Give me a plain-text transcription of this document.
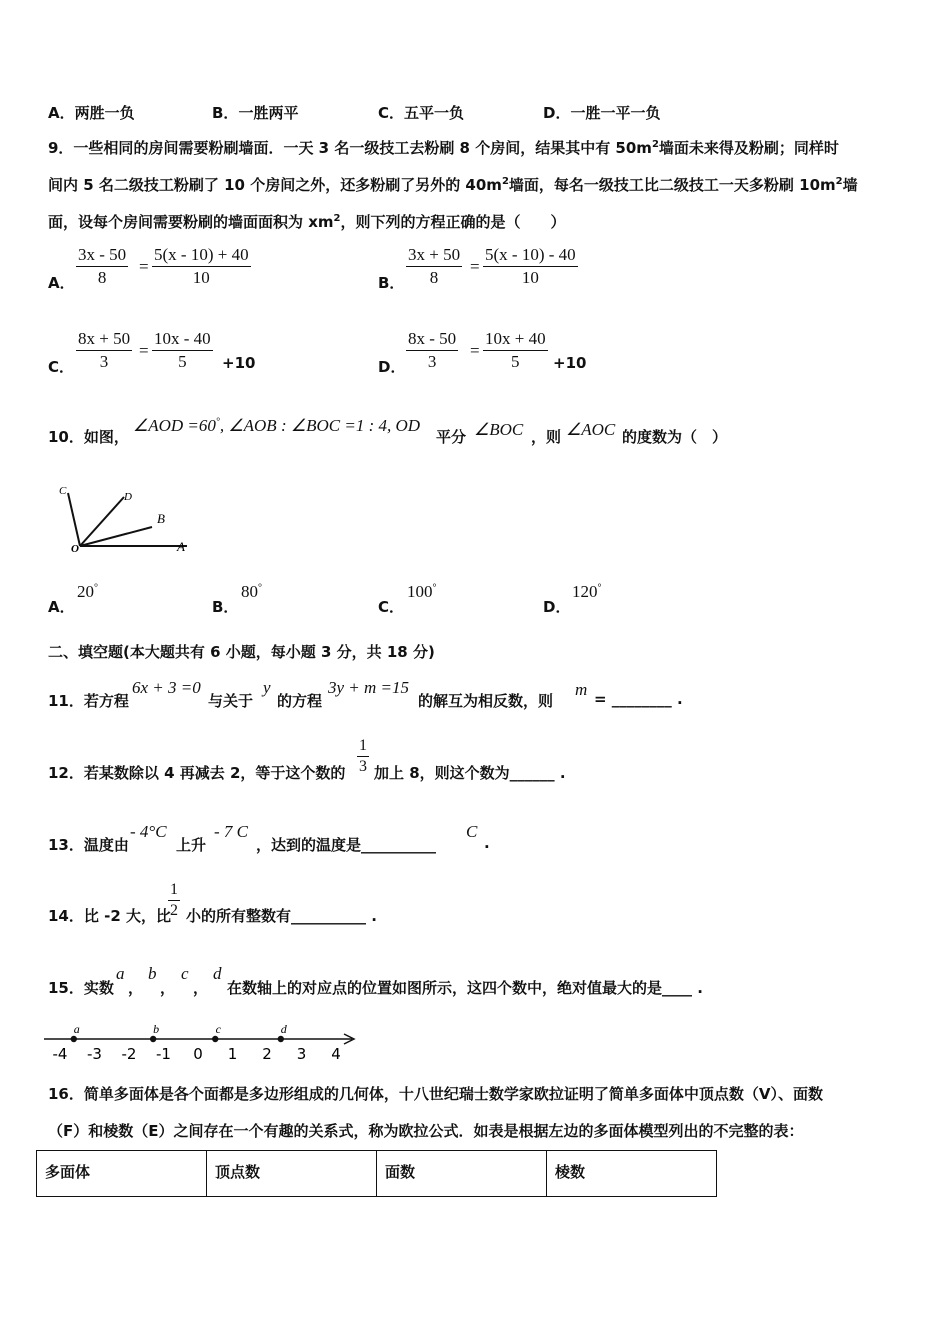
A．两胜一负	B．一胜两平	C．五平一负	D．一胜一平一负
9．一些相同的房间需要粉刷墙面．一天 3 名一级技工去粉刷 8 个房间，结果其中有 $50m^2$墙面未来得及粉刷；同样时
间内 5 名二级技工粉刷了 10 个房间之外，还多粉刷了另外的 $40m^2$墙面，每名一级技工比二级技工一天多粉刷 $10m^2$墙
面，设每个房间需要粉刷的墙面面积为 $xm^2$，则下列的方程正确的是（　　）
A． $\frac{3x - 50}{8} = \frac{5(x - 10) + 40}{10}$	B． $\frac{3x + 50}{8} = \frac{5(x - 10) - 40}{10}$
C． $\frac{8x + 50}{3} = \frac{10x - 40}{5} +10$	D． $\frac{8x - 50}{3} = \frac{10x + 40}{5} +10$
10．如图，
∠AOD =60°, ∠AOB : ∠BOC =1 : 4, OD
平分 ∠BOC ，则 ∠AOC 的度数为（　）
C	D
B
O	A
A．
20°
B．
80°
C．
100°
D．
120°
二、填空题(本大题共有 6 小题，每小题 3 分，共 18 分)
11．若方程
6x + 3 =0
与关于
y
的方程
3y + m =15
的解互为相反数，则
m = ________ .
12．若某数除以 4 再减去 2，等于这个数的 $\frac{1}{3}$ 加上 8，则这个数为______ .
13．温度由
- 4°C
上升
- 7 C
，达到的温度是__________
C
.
14．比 -2 大，比
$\frac{1}{2}$ 小的所有整数有__________ .
15．实数
a
，
b
，
c
，
d
在数轴上的对应点的位置如图所示，这四个数中，绝对值最大的是____ .
-4 -3 -2 -1 0 1 2 3 4
a	b	c	d
16．简单多面体是各个面都是多边形组成的几何体，十八世纪瑞士数学家欧拉证明了简单多面体中顶点数（V）、面数
（F）和棱数（E）之间存在一个有趣的关系式，称为欧拉公式．如表是根据左边的多面体模型列出的不完整的表：
多面体	顶点数	面数	棱数
